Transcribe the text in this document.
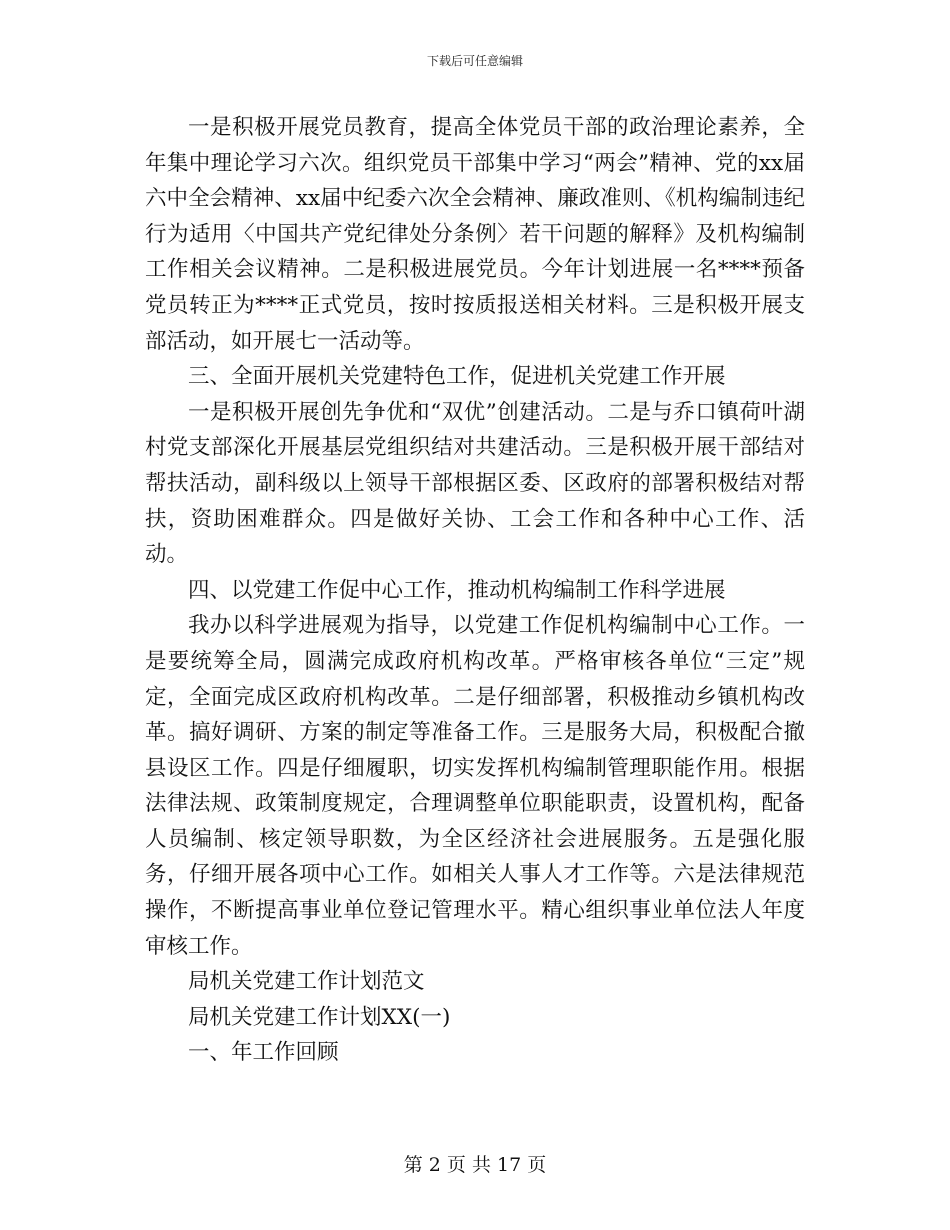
下载后可任意编辑

一是积极开展党员教育，提高全体党员干部的政治理论素养，全年集中理论学习六次。组织党员干部集中学习“两会”精神、党的xx届六中全会精神、xx届中纪委六次全会精神、廉政准则、《机构编制违纪行为适用〈中国共产党纪律处分条例〉若干问题的解释》及机构编制工作相关会议精神。二是积极进展党员。今年计划进展一名****预备党员转正为****正式党员，按时按质报送相关材料。三是积极开展支部活动，如开展七一活动等。

三、全面开展机关党建特色工作，促进机关党建工作开展

一是积极开展创先争优和“双优”创建活动。二是与乔口镇荷叶湖村党支部深化开展基层党组织结对共建活动。三是积极开展干部结对帮扶活动，副科级以上领导干部根据区委、区政府的部署积极结对帮扶，资助困难群众。四是做好关协、工会工作和各种中心工作、活动。

四、以党建工作促中心工作，推动机构编制工作科学进展

我办以科学进展观为指导，以党建工作促机构编制中心工作。一是要统筹全局，圆满完成政府机构改革。严格审核各单位“三定”规定，全面完成区政府机构改革。二是仔细部署，积极推动乡镇机构改革。搞好调研、方案的制定等准备工作。三是服务大局，积极配合撤县设区工作。四是仔细履职，切实发挥机构编制管理职能作用。根据法律法规、政策制度规定，合理调整单位职能职责，设置机构，配备人员编制、核定领导职数，为全区经济社会进展服务。五是强化服务，仔细开展各项中心工作。如相关人事人才工作等。六是法律规范操作，不断提高事业单位登记管理水平。精心组织事业单位法人年度审核工作。

局机关党建工作计划范文

局机关党建工作计划XX(一)

一、年工作回顾

第 2 页 共 17 页
